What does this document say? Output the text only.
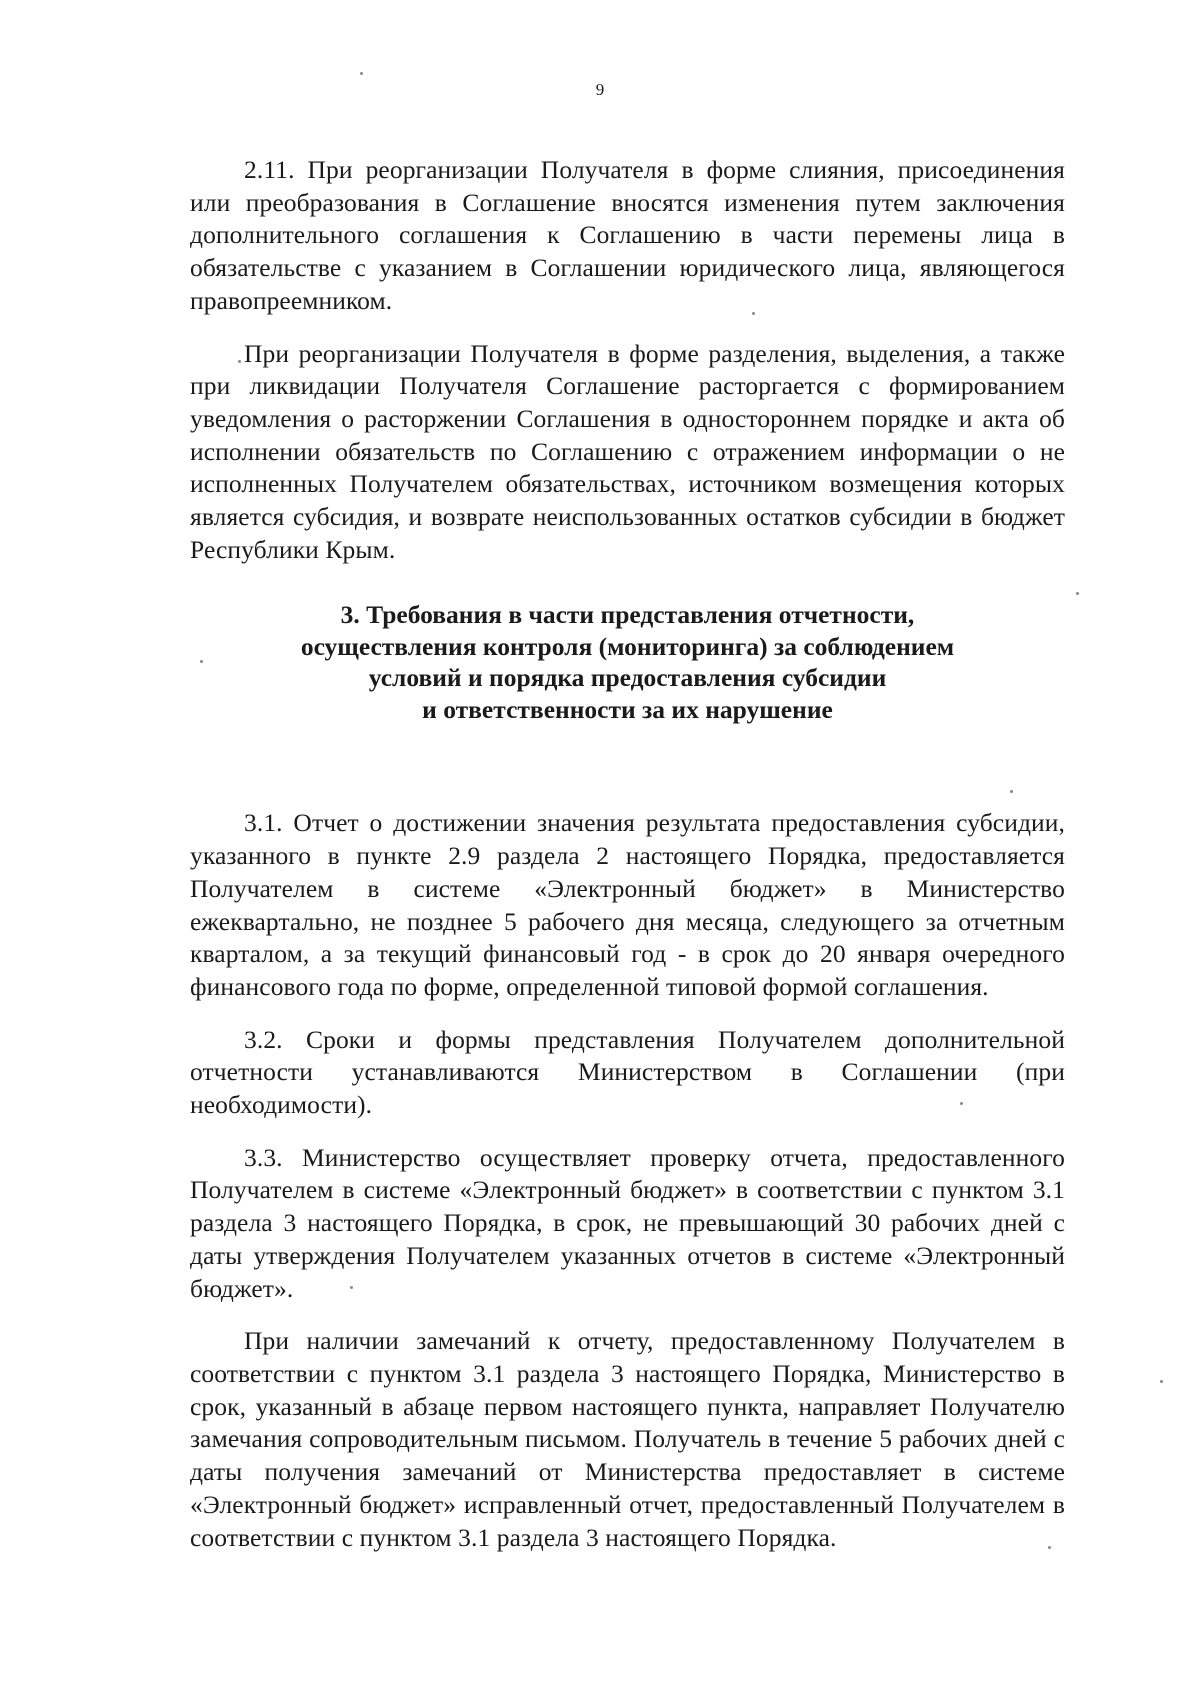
9

2.11. При реорганизации Получателя в форме слияния, присоединения или преобразования в Соглашение вносятся изменения путем заключения дополнительного соглашения к Соглашению в части перемены лица в обязательстве с указанием в Соглашении юридического лица, являющегося правопреемником.

При реорганизации Получателя в форме разделения, выделения, а также при ликвидации Получателя Соглашение расторгается с формированием уведомления о расторжении Соглашения в одностороннем порядке и акта об исполнении обязательств по Соглашению с отражением информации о не исполненных Получателем обязательствах, источником возмещения которых является субсидия, и возврате неиспользованных остатков субсидии в бюджет Республики Крым.

3. Требования в части представления отчетности,
осуществления контроля (мониторинга) за соблюдением
условий и порядка предоставления субсидии
и ответственности за их нарушение

3.1. Отчет о достижении значения результата предоставления субсидии, указанного в пункте 2.9 раздела 2 настоящего Порядка, предоставляется Получателем в системе «Электронный бюджет» в Министерство ежеквартально, не позднее 5 рабочего дня месяца, следующего за отчетным кварталом, а за текущий финансовый год - в срок до 20 января очередного финансового года по форме, определенной типовой формой соглашения.

3.2. Сроки и формы представления Получателем дополнительной отчетности устанавливаются Министерством в Соглашении (при необходимости).

3.3. Министерство осуществляет проверку отчета, предоставленного Получателем в системе «Электронный бюджет» в соответствии с пунктом 3.1 раздела 3 настоящего Порядка, в срок, не превышающий 30 рабочих дней с даты утверждения Получателем указанных отчетов в системе «Электронный бюджет».

При наличии замечаний к отчету, предоставленному Получателем в соответствии с пунктом 3.1 раздела 3 настоящего Порядка, Министерство в срок, указанный в абзаце первом настоящего пункта, направляет Получателю замечания сопроводительным письмом. Получатель в течение 5 рабочих дней с даты получения замечаний от Министерства предоставляет в системе «Электронный бюджет» исправленный отчет, предоставленный Получателем в соответствии с пунктом 3.1 раздела 3 настоящего Порядка.
